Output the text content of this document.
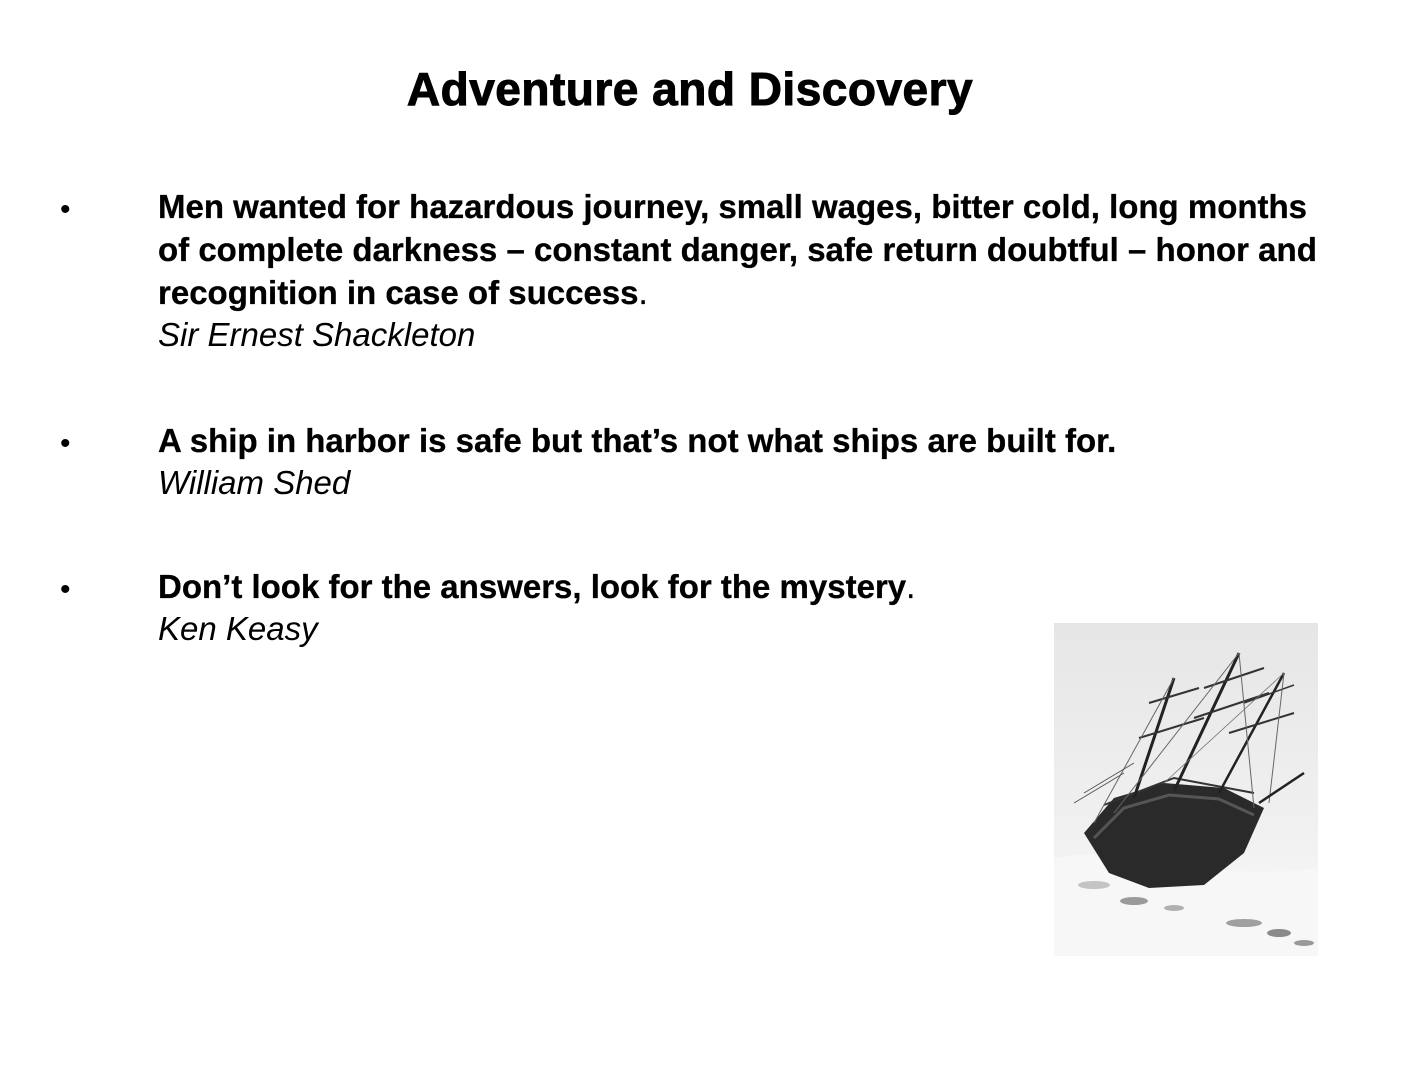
Adventure and Discovery
•	Men wanted for hazardous journey, small wages, bitter cold, long months of complete darkness – constant danger, safe return doubtful – honor and recognition in case of success.
Sir Ernest Shackleton
•	A ship in harbor is safe but that’s not what ships are built for.
William Shed
•	Don’t look for the answers, look for the mystery.
Ken Keasy
